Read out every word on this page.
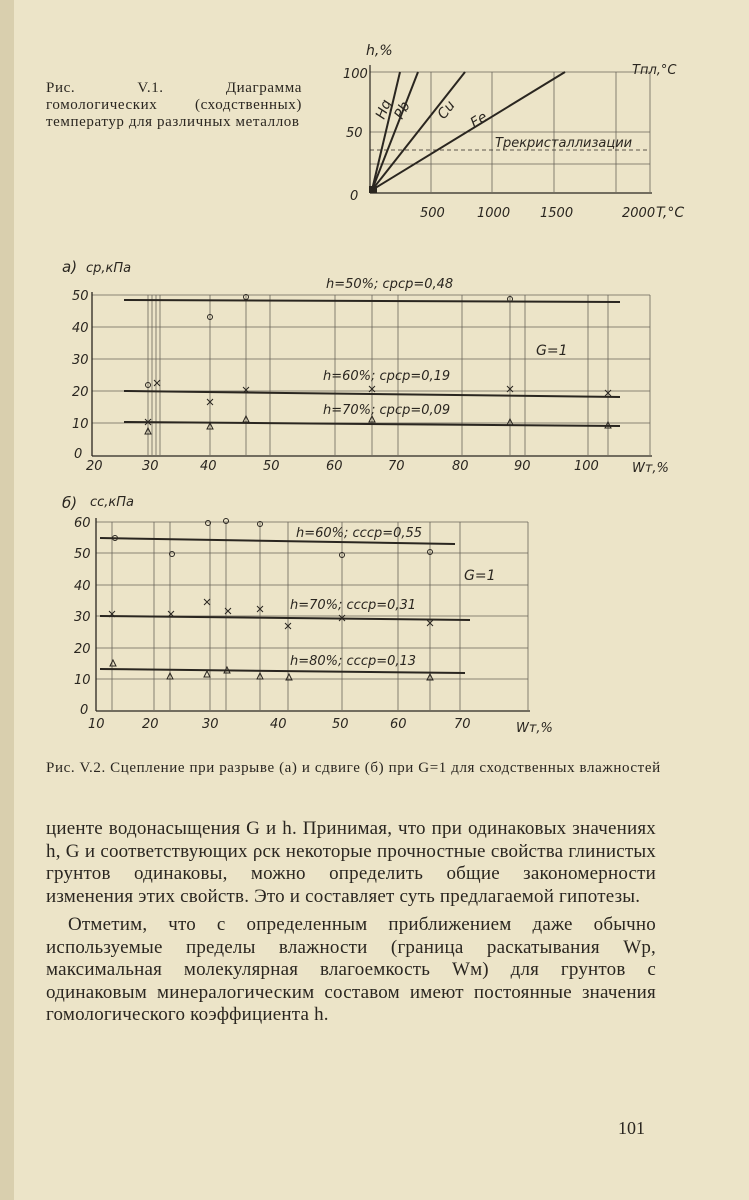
Рис. V.1. Диаграмма гомологических (сходственных) температур для различных металлов
h,%
Tпл,°C
Tрекристаллизации
100
50
0
500 1000 1500	2000 T,°C
Hg
Pb Cu Fe
а) cр,кПа
h=50%; cрср=0,48
h=60%; cрср=0,19
h=70%; cрср=0,09
G=1
50
40
30
20
10
0
20	30	40	50	60	70	80	90	100	Wт,%
б) cс,кПа
h=60%; cсср=0,55
h=70%; cсср=0,31
h=80%; cсср=0,13
G=1
60
50
40
30
20
10
0
10	20	30	40	50	60	70	Wт,%
Рис. V.2. Сцепление при разрыве (а) и сдвиге (б) при G=1 для сходственных влажностей

циенте водонасыщения G и h. Принимая, что при одинаковых значениях h, G и соответствующих ρск некоторые прочностные свойства глинистых грунтов одинаковы, можно определить общие закономерности изменения этих свойств. Это и составляет суть предлагаемой гипотезы.

Отметим, что с определенным приближением даже обычно используемые пределы влажности (граница раскатывания Wр, максимальная молекулярная влагоемкость Wм) для грунтов с одинаковым минералогическим составом имеют постоянные значения гомологического коэффициента h.

101
